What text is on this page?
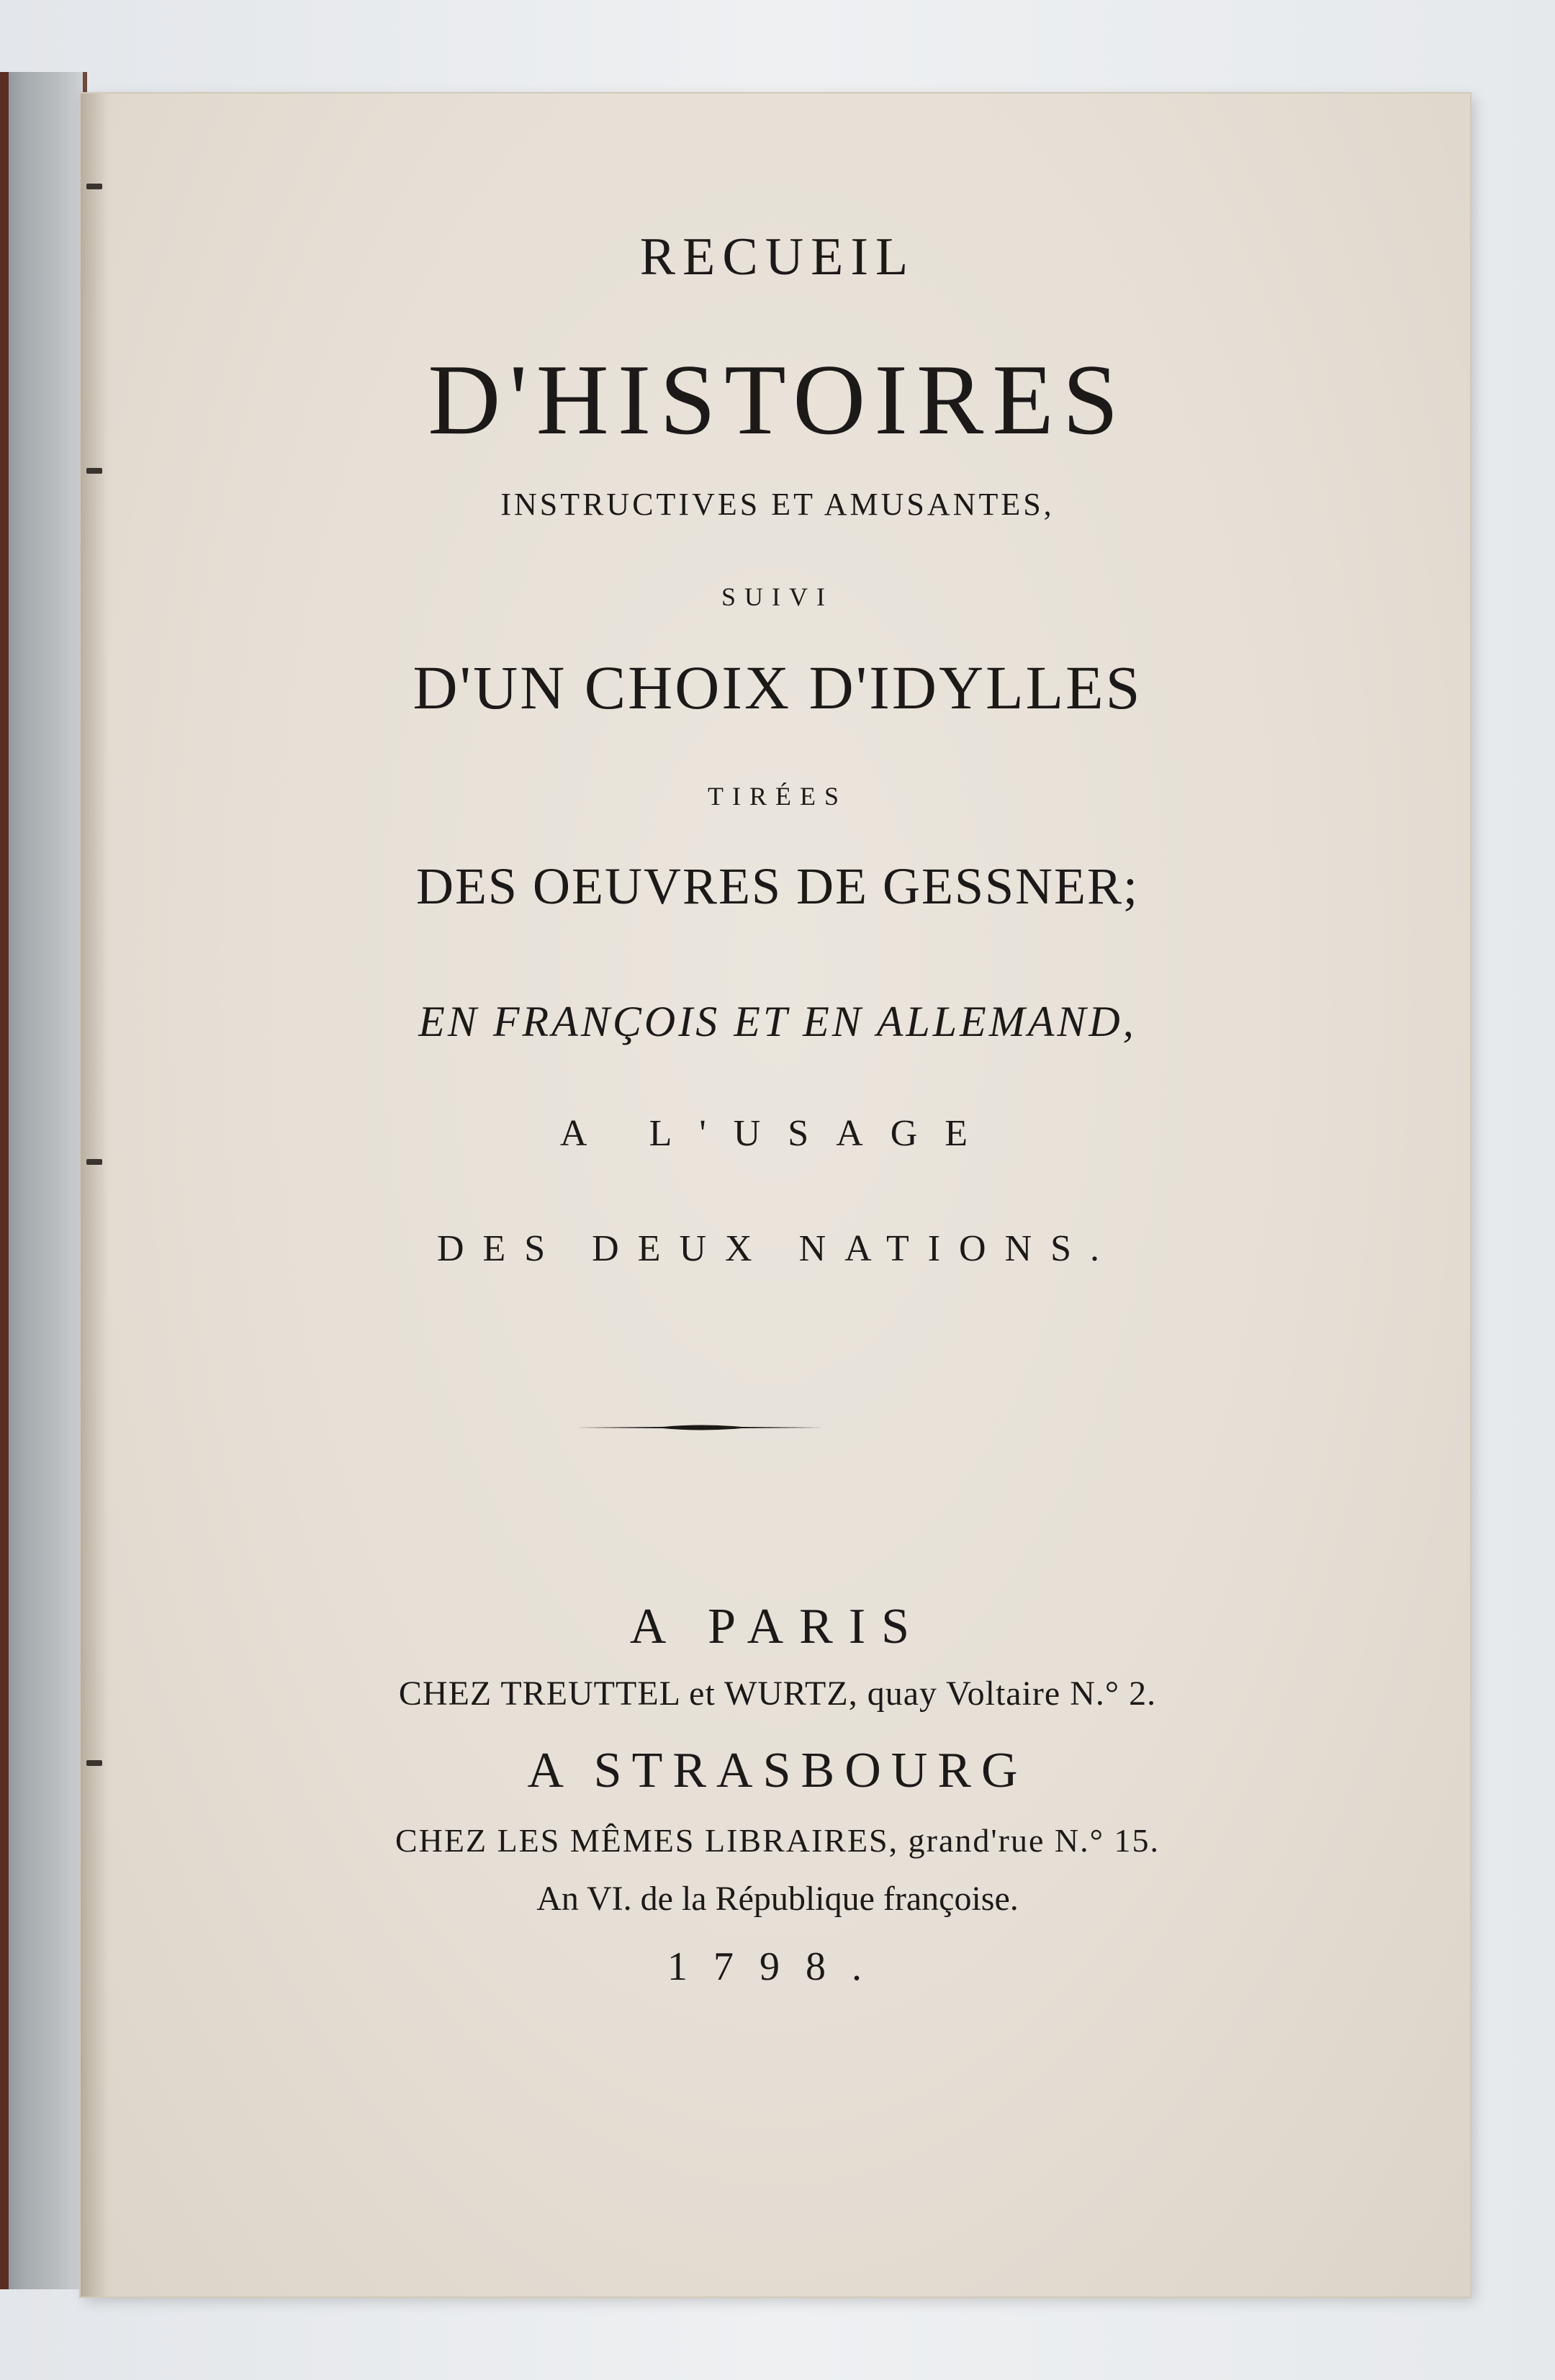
RECUEIL
D'HISTOIRES
INSTRUCTIVES ET AMUSANTES,
SUIVI
D'UN CHOIX D'IDYLLES
TIRÉES
DES OEUVRES DE GESSNER;
EN FRANÇOIS ET EN ALLEMAND,
A L'USAGE
DES DEUX NATIONS.
A PARIS
CHEZ TREUTTEL et WURTZ, quay Voltaire N.° 2.
A STRASBOURG
CHEZ LES MÊMES LIBRAIRES, grand'rue N.° 15.
An VI. de la République françoise.
1798.
